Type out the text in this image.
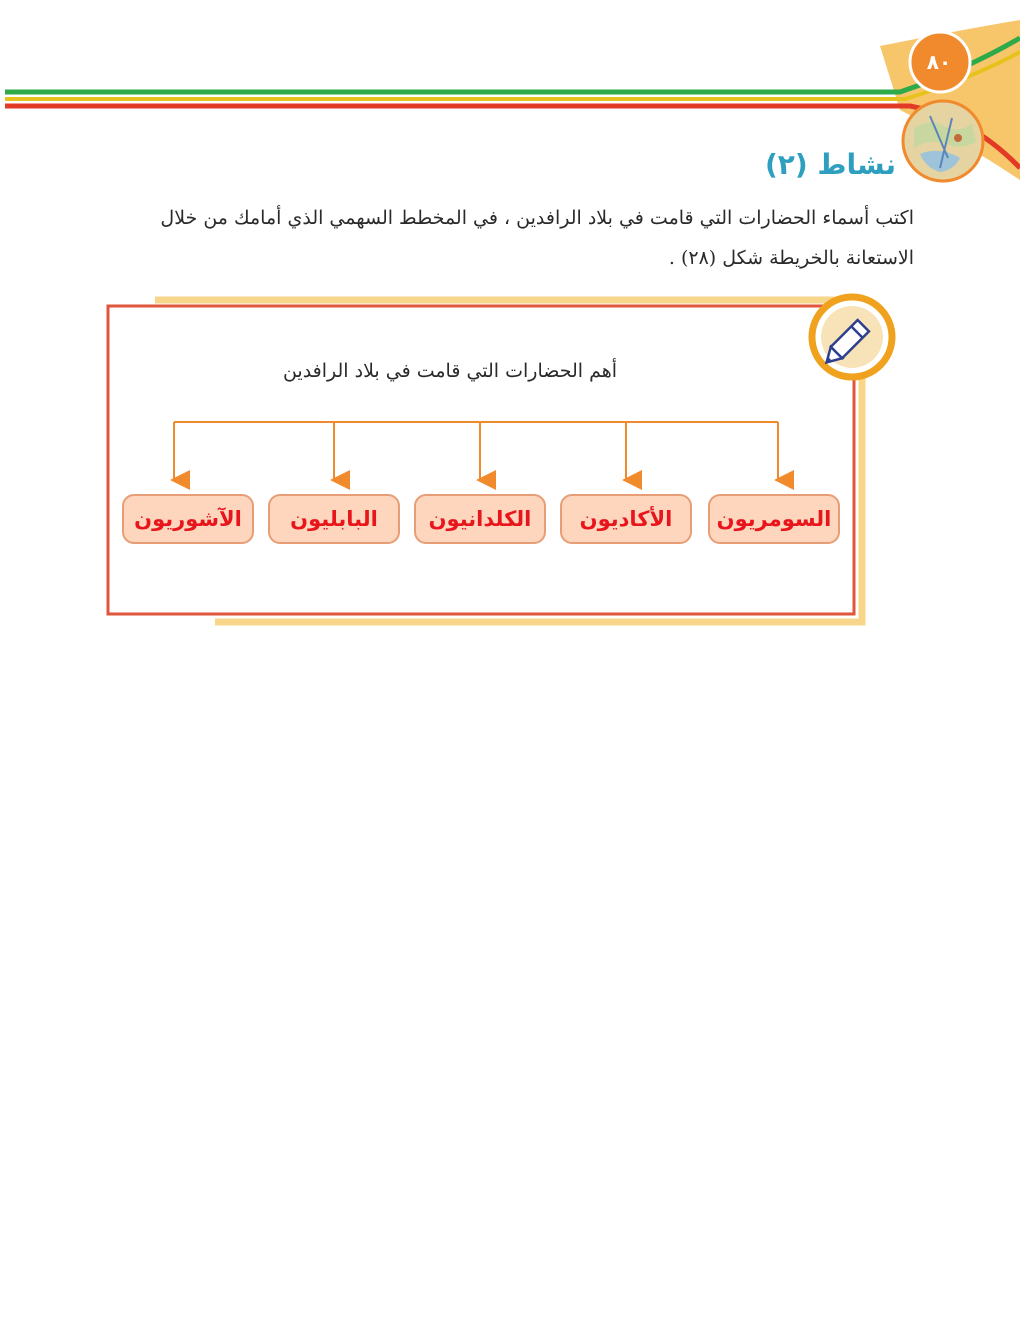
٨٠
نشاط (٢)

اكتب أسماء الحضارات التي قامت في بلاد الرافدين ، في المخطط السهمي الذي أمامك من خلال

الاستعانة بالخريطة شكل (٢٨) .

أهم الحضارات التي قامت في بلاد الرافدين
السومريون
الأكاديون
الكلدانيون
البابليون
الآشوريون
